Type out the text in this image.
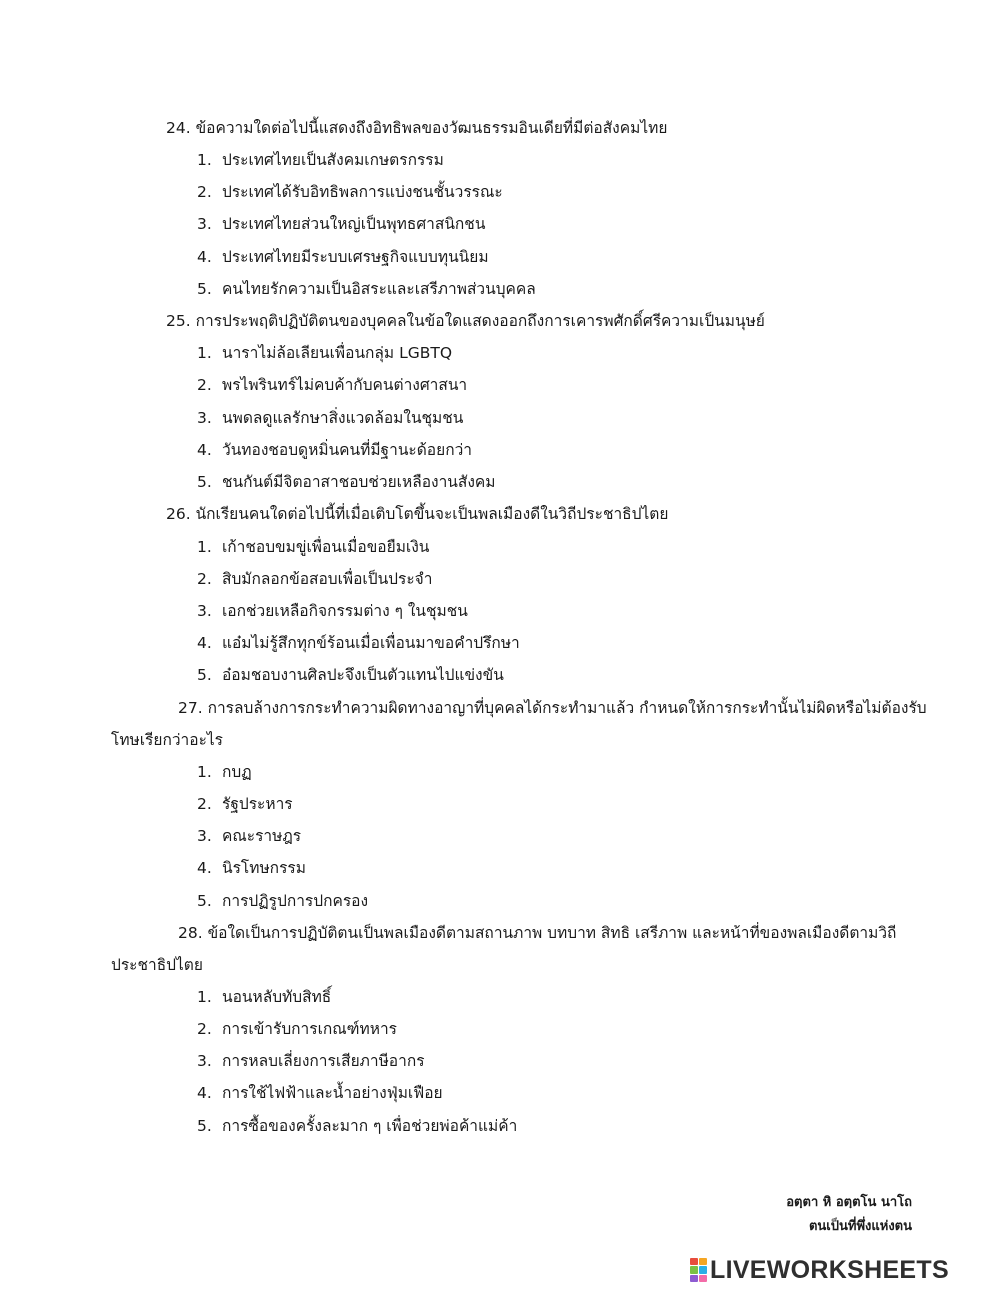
24. ข้อความใดต่อไปนี้แสดงถึงอิทธิพลของวัฒนธรรมอินเดียที่มีต่อสังคมไทย
1. ประเทศไทยเป็นสังคมเกษตรกรรม
2. ประเทศได้รับอิทธิพลการแบ่งชนชั้นวรรณะ
3. ประเทศไทยส่วนใหญ่เป็นพุทธศาสนิกชน
4. ประเทศไทยมีระบบเศรษฐกิจแบบทุนนิยม
5. คนไทยรักความเป็นอิสระและเสรีภาพส่วนบุคคล
25. การประพฤติปฏิบัติตนของบุคคลในข้อใดแสดงออกถึงการเคารพศักดิ์ศรีความเป็นมนุษย์
1. นาราไม่ล้อเลียนเพื่อนกลุ่ม LGBTQ
2. พรไพรินทร์ไม่คบค้ากับคนต่างศาสนา
3. นพดลดูแลรักษาสิ่งแวดล้อมในชุมชน
4. วันทองชอบดูหมิ่นคนที่มีฐานะด้อยกว่า
5. ชนกันต์มีจิตอาสาชอบช่วยเหลืองานสังคม
26. นักเรียนคนใดต่อไปนี้ที่เมื่อเติบโตขึ้นจะเป็นพลเมืองดีในวิถีประชาธิปไตย
1. เก้าชอบขมขู่เพื่อนเมื่อขอยืมเงิน
2. สิบมักลอกข้อสอบเพื่อเป็นประจำ
3. เอกช่วยเหลือกิจกรรมต่าง ๆ ในชุมชน
4. แอ๋มไม่รู้สึกทุกข์ร้อนเมื่อเพื่อนมาขอคำปรึกษา
5. อ๋อมชอบงานศิลปะจึงเป็นตัวแทนไปแข่งขัน
27. การลบล้างการกระทำความผิดทางอาญาที่บุคคลได้กระทำมาแล้ว กำหนดให้การกระทำนั้นไม่ผิดหรือไม่ต้องรับ
โทษเรียกว่าอะไร
1. กบฏ
2. รัฐประหาร
3. คณะราษฎร
4. นิรโทษกรรม
5. การปฏิรูปการปกครอง
28. ข้อใดเป็นการปฏิบัติตนเป็นพลเมืองดีตามสถานภาพ บทบาท สิทธิ เสรีภาพ และหน้าที่ของพลเมืองดีตามวิถี
ประชาธิปไตย
1. นอนหลับทับสิทธิ์
2. การเข้ารับการเกณฑ์ทหาร
3. การหลบเลี่ยงการเสียภาษีอากร
4. การใช้ไฟฟ้าและน้ำอย่างฟุ่มเฟือย
5. การซื้อของครั้งละมาก ๆ เพื่อช่วยพ่อค้าแม่ค้า
อตฺตา หิ อตฺตโน นาโถ
ตนเป็นที่พึ่งแห่งตน
LIVEWORKSHEETS
